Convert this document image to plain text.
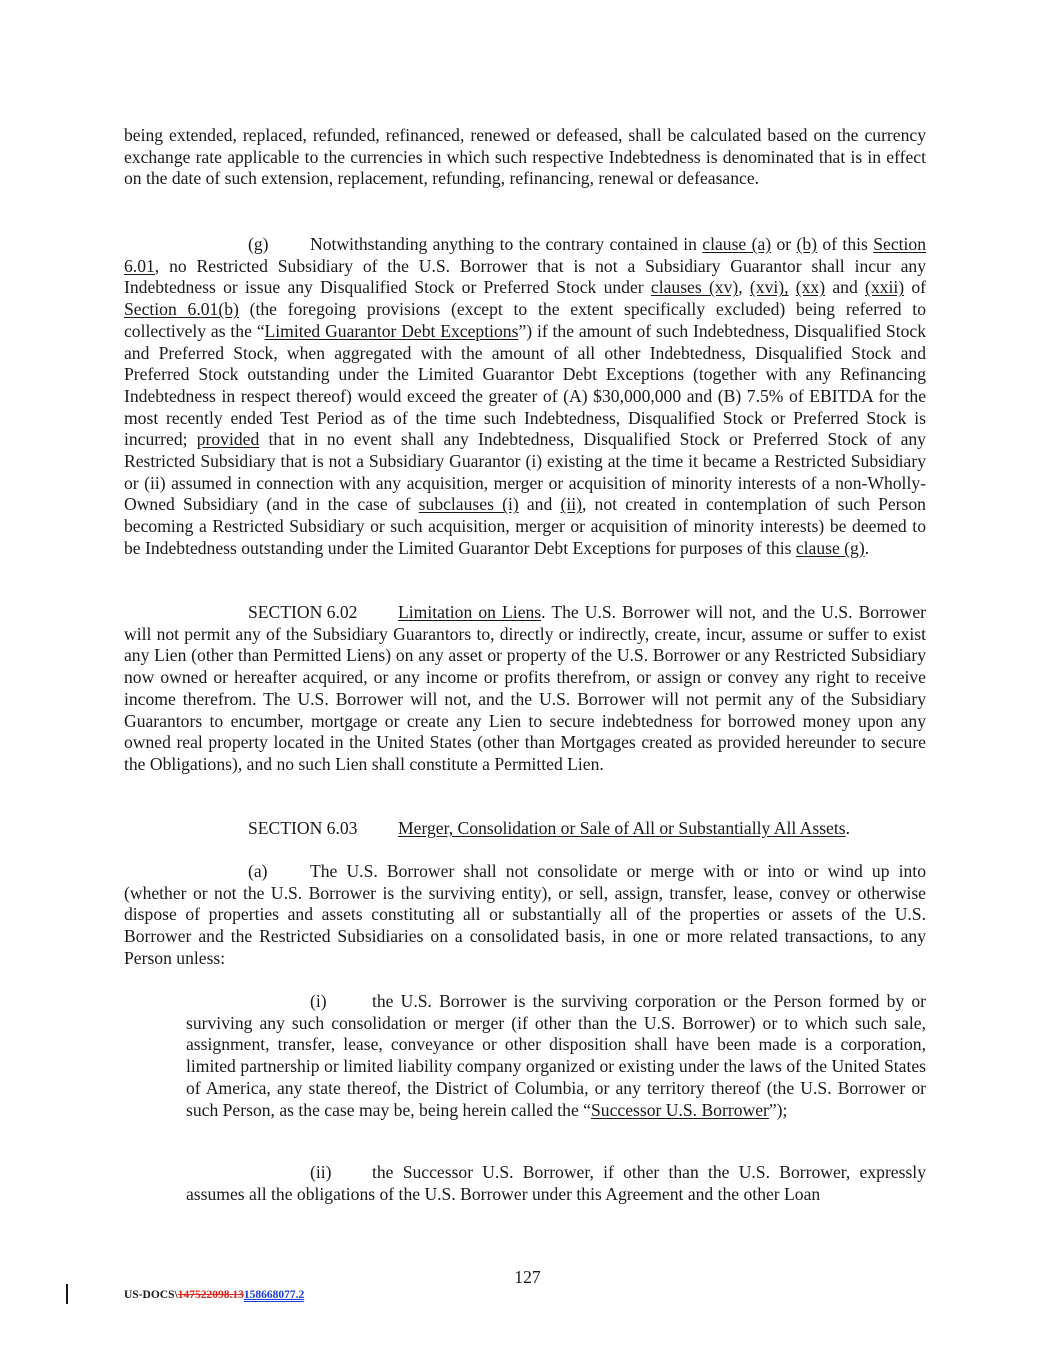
being extended, replaced, refunded, refinanced, renewed or defeased, shall be calculated based on the currency exchange rate applicable to the currencies in which such respective Indebtedness is denominated that is in effect on the date of such extension, replacement, refunding, refinancing, renewal or defeasance.

(g) Notwithstanding anything to the contrary contained in clause (a) or (b) of this Section 6.01, no Restricted Subsidiary of the U.S. Borrower that is not a Subsidiary Guarantor shall incur any Indebtedness or issue any Disqualified Stock or Preferred Stock under clauses (xv), (xvi), (xx) and (xxii) of Section 6.01(b) (the foregoing provisions (except to the extent specifically excluded) being referred to collectively as the “Limited Guarantor Debt Exceptions”) if the amount of such Indebtedness, Disqualified Stock and Preferred Stock, when aggregated with the amount of all other Indebtedness, Disqualified Stock and Preferred Stock outstanding under the Limited Guarantor Debt Exceptions (together with any Refinancing Indebtedness in respect thereof) would exceed the greater of (A) $30,000,000 and (B) 7.5% of EBITDA for the most recently ended Test Period as of the time such Indebtedness, Disqualified Stock or Preferred Stock is incurred; provided that in no event shall any Indebtedness, Disqualified Stock or Preferred Stock of any Restricted Subsidiary that is not a Subsidiary Guarantor (i) existing at the time it became a Restricted Subsidiary or (ii) assumed in connection with any acquisition, merger or acquisition of minority interests of a non-Wholly-Owned Subsidiary (and in the case of subclauses (i) and (ii), not created in contemplation of such Person becoming a Restricted Subsidiary or such acquisition, merger or acquisition of minority interests) be deemed to be Indebtedness outstanding under the Limited Guarantor Debt Exceptions for purposes of this clause (g).

SECTION 6.02 Limitation on Liens. The U.S. Borrower will not, and the U.S. Borrower will not permit any of the Subsidiary Guarantors to, directly or indirectly, create, incur, assume or suffer to exist any Lien (other than Permitted Liens) on any asset or property of the U.S. Borrower or any Restricted Subsidiary now owned or hereafter acquired, or any income or profits therefrom, or assign or convey any right to receive income therefrom. The U.S. Borrower will not, and the U.S. Borrower will not permit any of the Subsidiary Guarantors to encumber, mortgage or create any Lien to secure indebtedness for borrowed money upon any owned real property located in the United States (other than Mortgages created as provided hereunder to secure the Obligations), and no such Lien shall constitute a Permitted Lien.

SECTION 6.03 Merger, Consolidation or Sale of All or Substantially All Assets.

(a) The U.S. Borrower shall not consolidate or merge with or into or wind up into (whether or not the U.S. Borrower is the surviving entity), or sell, assign, transfer, lease, convey or otherwise dispose of properties and assets constituting all or substantially all of the properties or assets of the U.S. Borrower and the Restricted Subsidiaries on a consolidated basis, in one or more related transactions, to any Person unless:

(i)	the U.S. Borrower is the surviving corporation or the Person formed by or surviving any such consolidation or merger (if other than the U.S. Borrower) or to which such sale, assignment, transfer, lease, conveyance or other disposition shall have been made is a corporation, limited partnership or limited liability company organized or existing under the laws of the United States of America, any state thereof, the District of Columbia, or any territory thereof (the U.S. Borrower or such Person, as the case may be, being herein called the “Successor U.S. Borrower”);

(ii) the Successor U.S. Borrower, if other than the U.S. Borrower, expressly assumes all the obligations of the U.S. Borrower under this Agreement and the other Loan

127
US-DOCS\147522098.13158668077.2
